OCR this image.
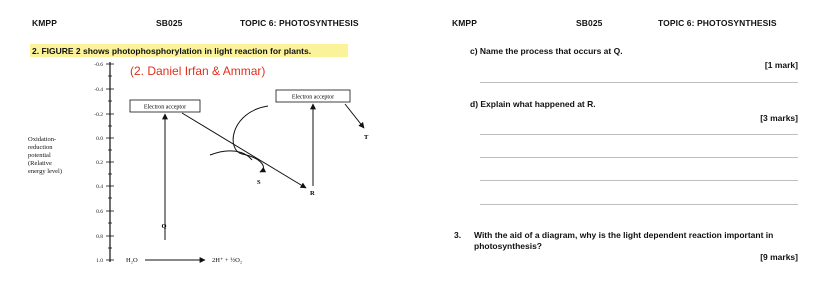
KMPP	SB025	TOPIC 6: PHOTOSYNTHESIS
2. FIGURE 2 shows photophosphorylation in light reaction for plants.
(2. Daniel Irfan & Ammar)
Oxidation-reduction potential (Relative energy level)
-0.6
-0.4
-0.2
0.0
0.2
0.4
0.6
0.8
1.0
Electron acceptor
Electron acceptor
Q
R
T
S
H₂O	2H⁺ + ½O₂
KMPP	SB025	TOPIC 6: PHOTOSYNTHESIS
c) Name the process that occurs at Q.
[1 mark]
d) Explain what happened at R.
[3 marks]
3. With the aid of a diagram, why is the light dependent reaction important in
photosynthesis?
[9 marks]
